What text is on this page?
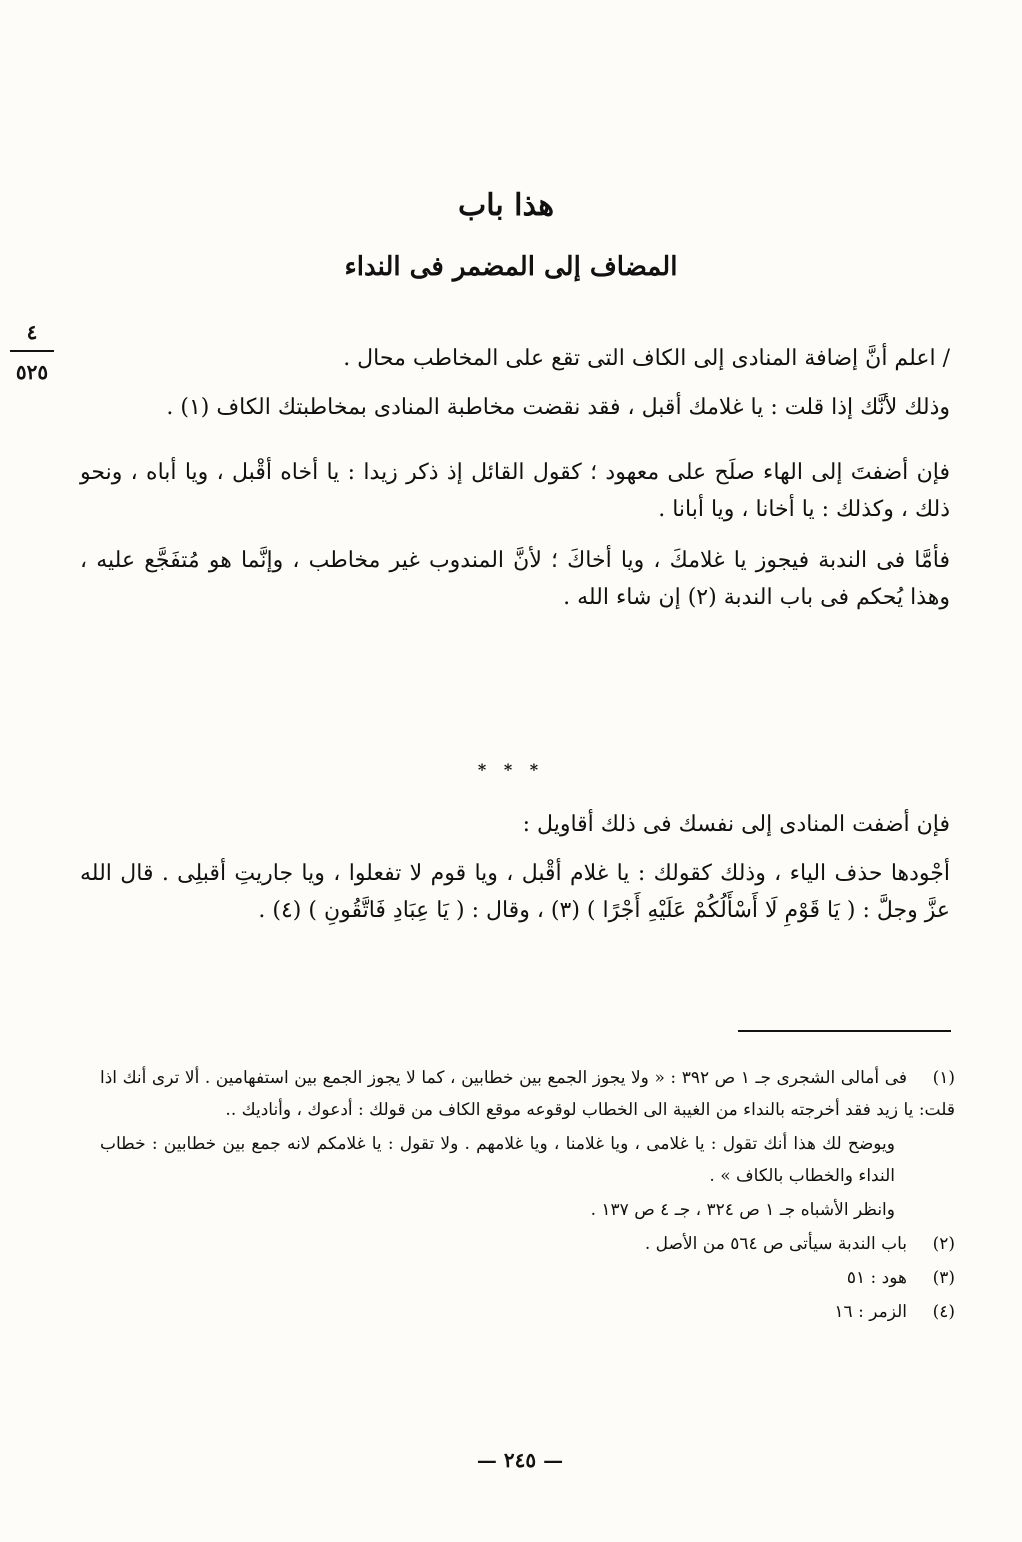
هذا باب
المضاف إلى المضمر فى النداء
٤
٥٢٥

/ اعلم أنَّ إضافة المنادى إلى الكاف التى تقع على المخاطب محال .

وذلك لأنَّك إذا قلت : يا غلامك أقبل ، فقد نقضت مخاطبة المنادى بمخاطبتك الكاف (١) .

فإن أضفتَ إلى الهاء صلَح على معهود ؛ كقول القائل إذ ذكر زيدا : يا أخاه أقْبل ، ويا أباه ، ونحو ذلك ، وكذلك : يا أخانا ، ويا أبانا .

فأمَّا فى الندبة فيجوز يا غلامكَ ، ويا أخاكَ ؛ لأنَّ المندوب غير مخاطب ، وإنَّما هو مُتفَجَّع عليه ، وهذا يُحكم فى باب الندبة (٢) إن شاء الله .

* * *

فإن أضفت المنادى إلى نفسك فى ذلك أقاويل :

أجْودها حذف الياء ، وذلك كقولك : يا غلام أقْبل ، ويا قوم لا تفعلوا ، ويا جاريتِ أقبلِى . قال الله عزَّ وجلَّ : ( يَا قَوْمِ لَا أَسْأَلُكُمْ عَلَيْهِ أَجْرًا ) (٣) ، وقال : ( يَا عِبَادِ فَاتَّقُونِ ) (٤) .

(١)فى أمالى الشجرى جـ ١ ص ٣٩٢ : « ولا يجوز الجمع بين خطابين ، كما لا يجوز الجمع بين استفهامين . ألا ترى أنك اذا قلت: يا زيد فقد أخرجته بالنداء من الغيبة الى الخطاب لوقوعه موقع الكاف من قولك : أدعوك ، وأناديك ..

ويوضح لك هذا أنك تقول : يا غلامى ، ويا غلامنا ، ويا غلامهم . ولا تقول : يا غلامكم لانه جمع بين خطابين : خطاب النداء والخطاب بالكاف » .

وانظر الأشباه جـ ١ ص ٣٢٤ ، جـ ٤ ص ١٣٧ .

(٢)باب الندبة سيأتى ص ٥٦٤ من الأصل .

(٣)هود : ٥١

(٤)الزمر : ١٦

— ٢٤٥ —
